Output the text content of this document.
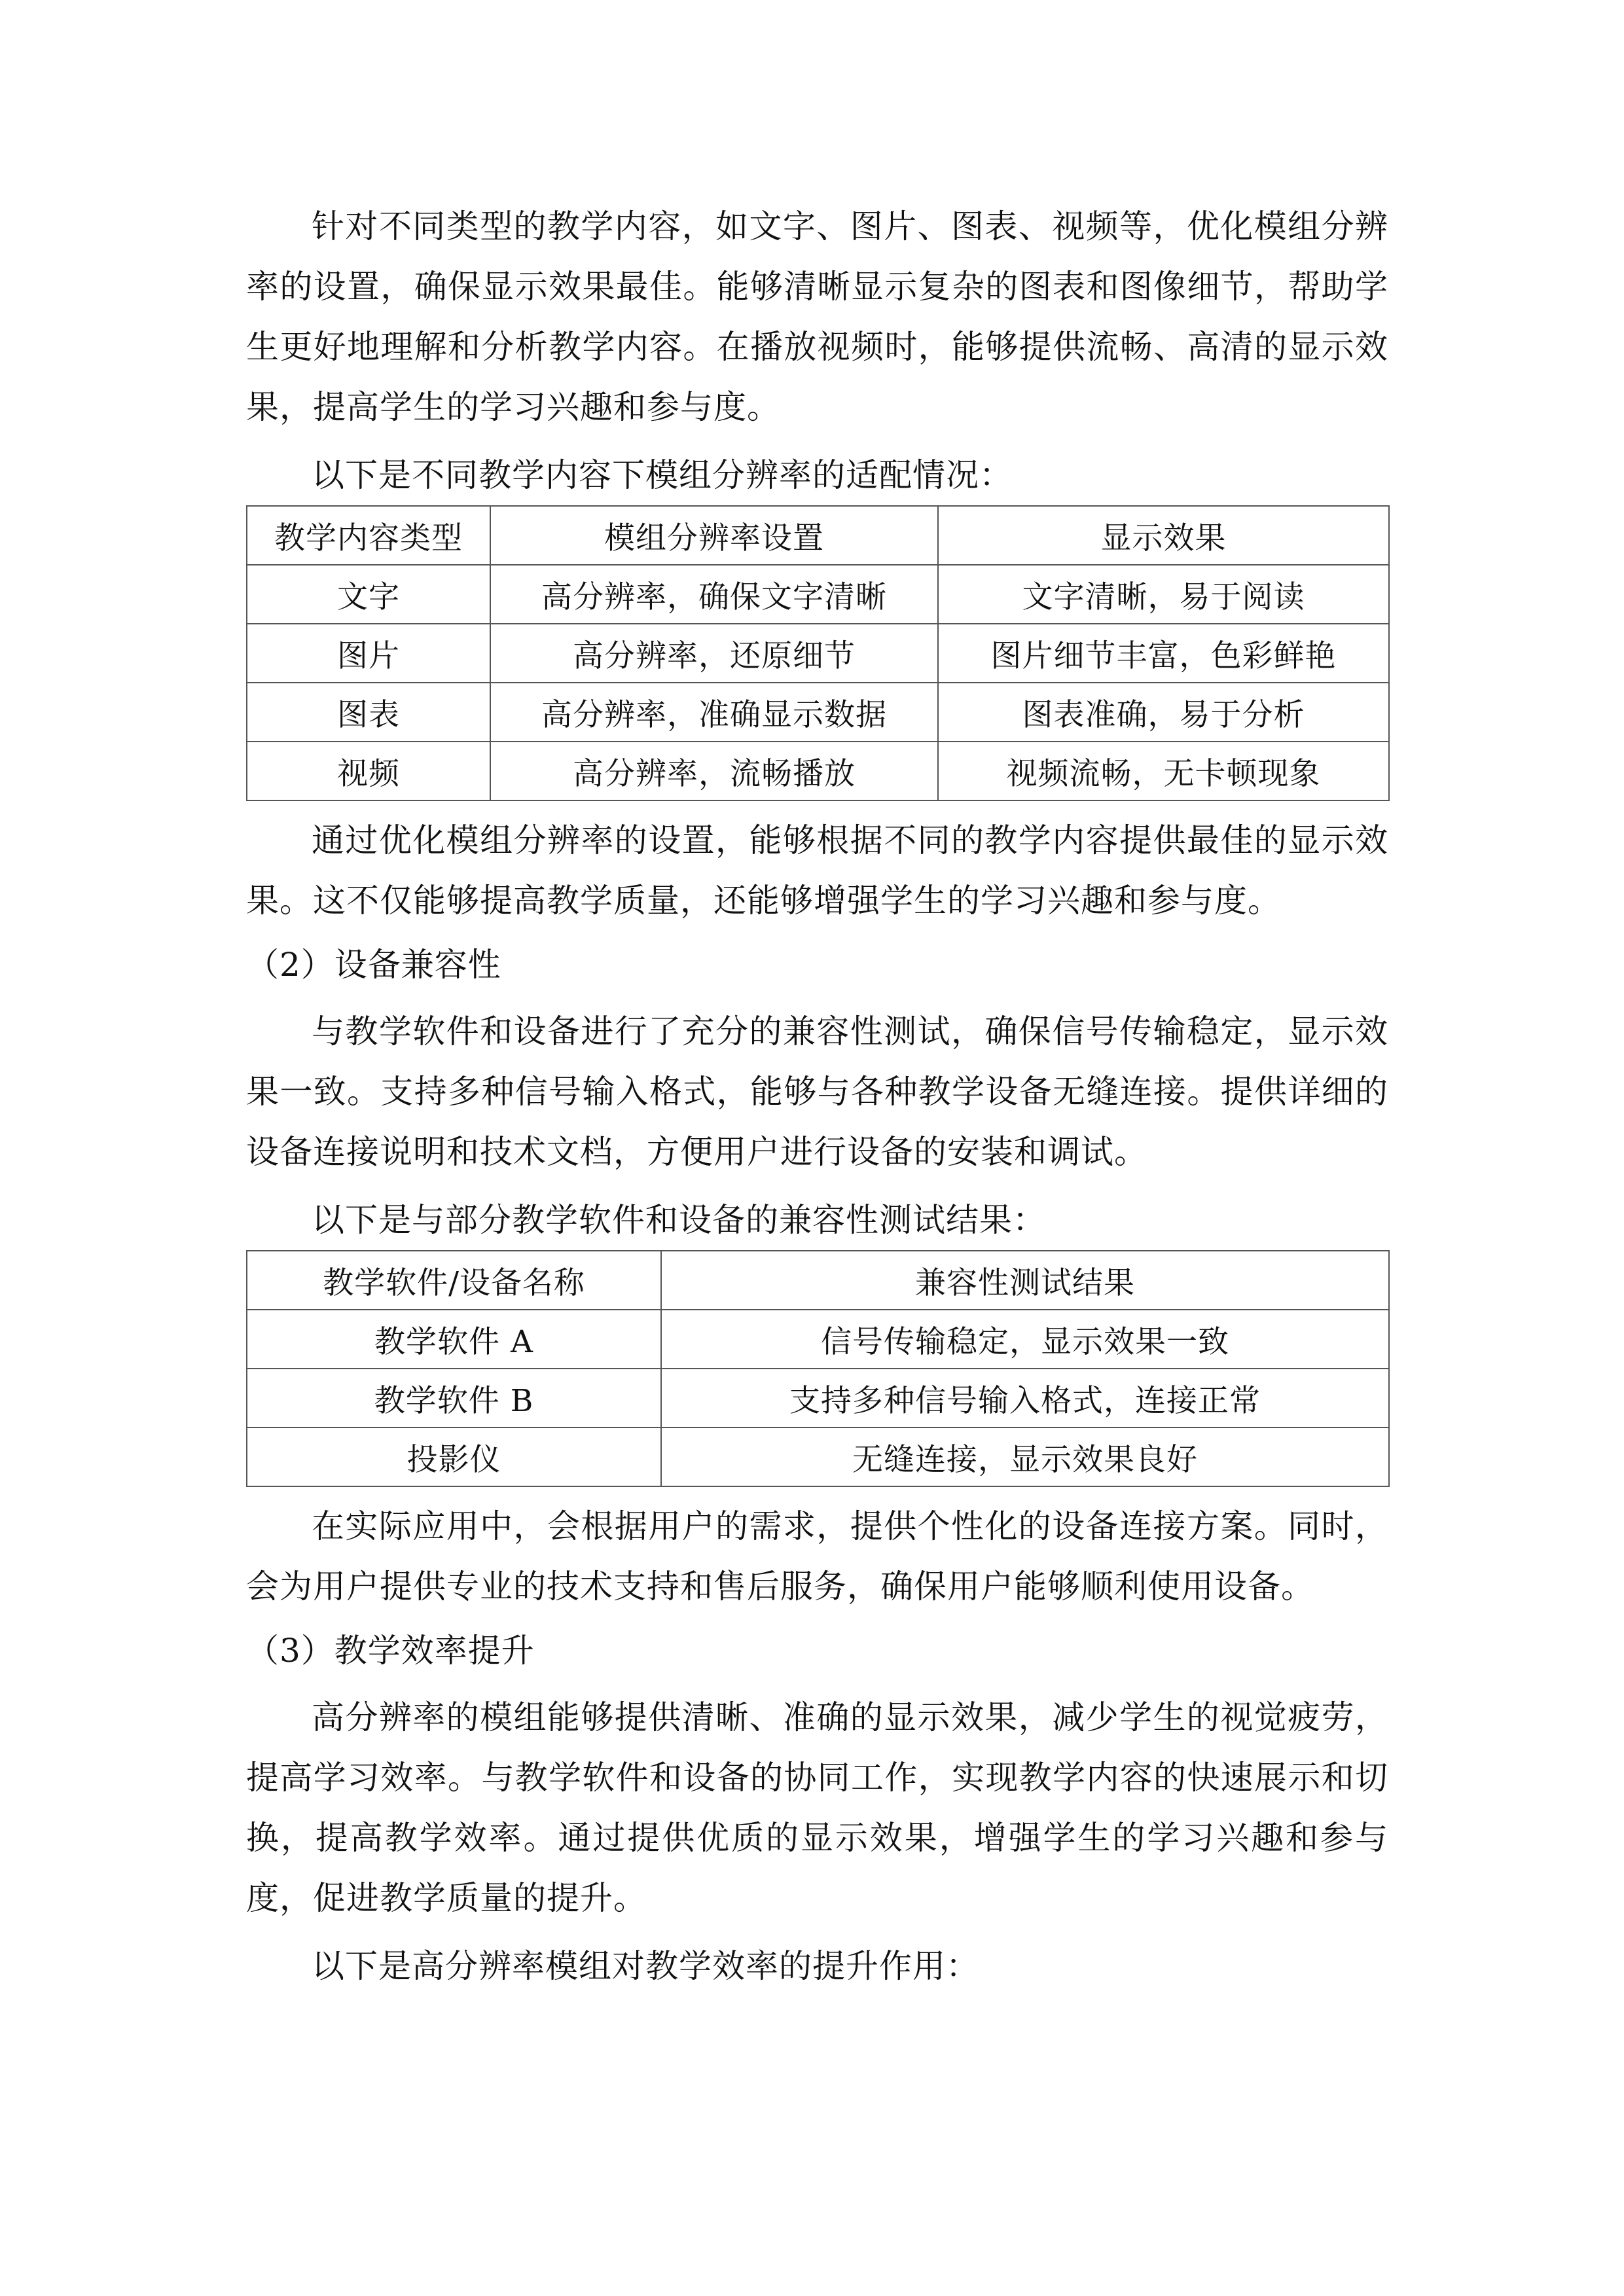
针对不同类型的教学内容，如文字、图片、图表、视频等，优化模组分辨率的设置，确保显示效果最佳。能够清晰显示复杂的图表和图像细节，帮助学生更好地理解和分析教学内容。在播放视频时，能够提供流畅、高清的显示效果，提高学生的学习兴趣和参与度。

以下是不同教学内容下模组分辨率的适配情况：

教学内容类型	模组分辨率设置	显示效果
文字	高分辨率，确保文字清晰	文字清晰，易于阅读
图片	高分辨率，还原细节	图片细节丰富，色彩鲜艳
图表	高分辨率，准确显示数据	图表准确，易于分析
视频	高分辨率，流畅播放	视频流畅，无卡顿现象

通过优化模组分辨率的设置，能够根据不同的教学内容提供最佳的显示效果。这不仅能够提高教学质量，还能够增强学生的学习兴趣和参与度。

（2）设备兼容性

与教学软件和设备进行了充分的兼容性测试，确保信号传输稳定，显示效果一致。支持多种信号输入格式，能够与各种教学设备无缝连接。提供详细的设备连接说明和技术文档，方便用户进行设备的安装和调试。

以下是与部分教学软件和设备的兼容性测试结果：

教学软件/设备名称	兼容性测试结果
教学软件 A	信号传输稳定，显示效果一致
教学软件 B	支持多种信号输入格式，连接正常
投影仪	无缝连接，显示效果良好

在实际应用中，会根据用户的需求，提供个性化的设备连接方案。同时，会为用户提供专业的技术支持和售后服务，确保用户能够顺利使用设备。

（3）教学效率提升

高分辨率的模组能够提供清晰、准确的显示效果，减少学生的视觉疲劳，提高学习效率。与教学软件和设备的协同工作，实现教学内容的快速展示和切换，提高教学效率。通过提供优质的显示效果，增强学生的学习兴趣和参与度，促进教学质量的提升。

以下是高分辨率模组对教学效率的提升作用：
